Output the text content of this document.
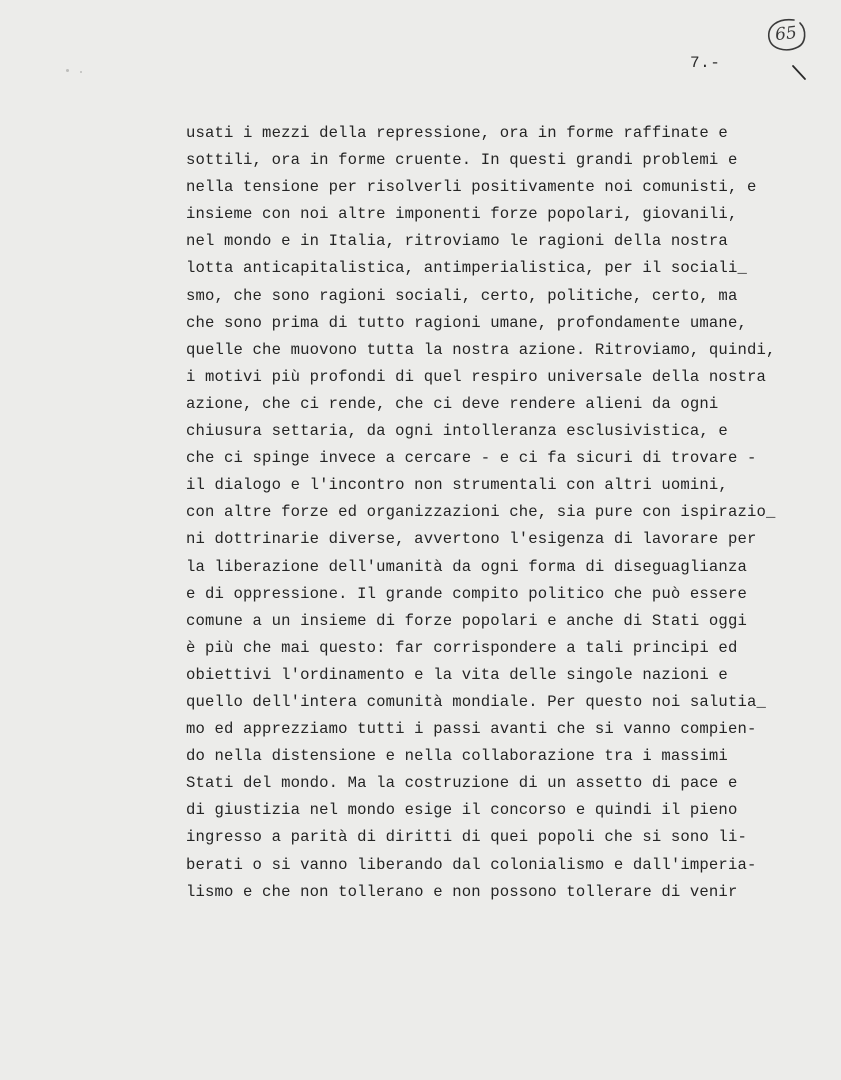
65
7.-
usati i mezzi della repressione, ora in forme raffinate e
sottili, ora in forme cruente. In questi grandi problemi e
nella tensione per risolverli positivamente noi comunisti, e
insieme con noi altre imponenti forze popolari, giovanili,
nel mondo e in Italia, ritroviamo le ragioni della nostra
lotta anticapitalistica, antimperialistica, per il sociali_
smo, che sono ragioni sociali, certo, politiche, certo, ma
che sono prima di tutto ragioni umane, profondamente umane,
quelle che muovono tutta la nostra azione. Ritroviamo, quindi,
i motivi più profondi di quel respiro universale della nostra
azione, che ci rende, che ci deve rendere alieni da ogni
chiusura settaria, da ogni intolleranza esclusivistica, e
che ci spinge invece a cercare - e ci fa sicuri di trovare -
il dialogo e l'incontro non strumentali con altri uomini,
con altre forze ed organizzazioni che, sia pure con ispirazio_
ni dottrinarie diverse, avvertono l'esigenza di lavorare per
la liberazione dell'umanità da ogni forma di diseguaglianza
e di oppressione. Il grande compito politico che può essere
comune a un insieme di forze popolari e anche di Stati oggi
è più che mai questo: far corrispondere a tali principi ed
obiettivi l'ordinamento e la vita delle singole nazioni e
quello dell'intera comunità mondiale. Per questo noi salutia_
mo ed apprezziamo tutti i passi avanti che si vanno compien-
do nella distensione e nella collaborazione tra i massimi
Stati del mondo. Ma la costruzione di un assetto di pace e
di giustizia nel mondo esige il concorso e quindi il pieno
ingresso a parità di diritti di quei popoli che si sono li-
berati o si vanno liberando dal colonialismo e dall'imperia-
lismo e che non tollerano e non possono tollerare di venir
